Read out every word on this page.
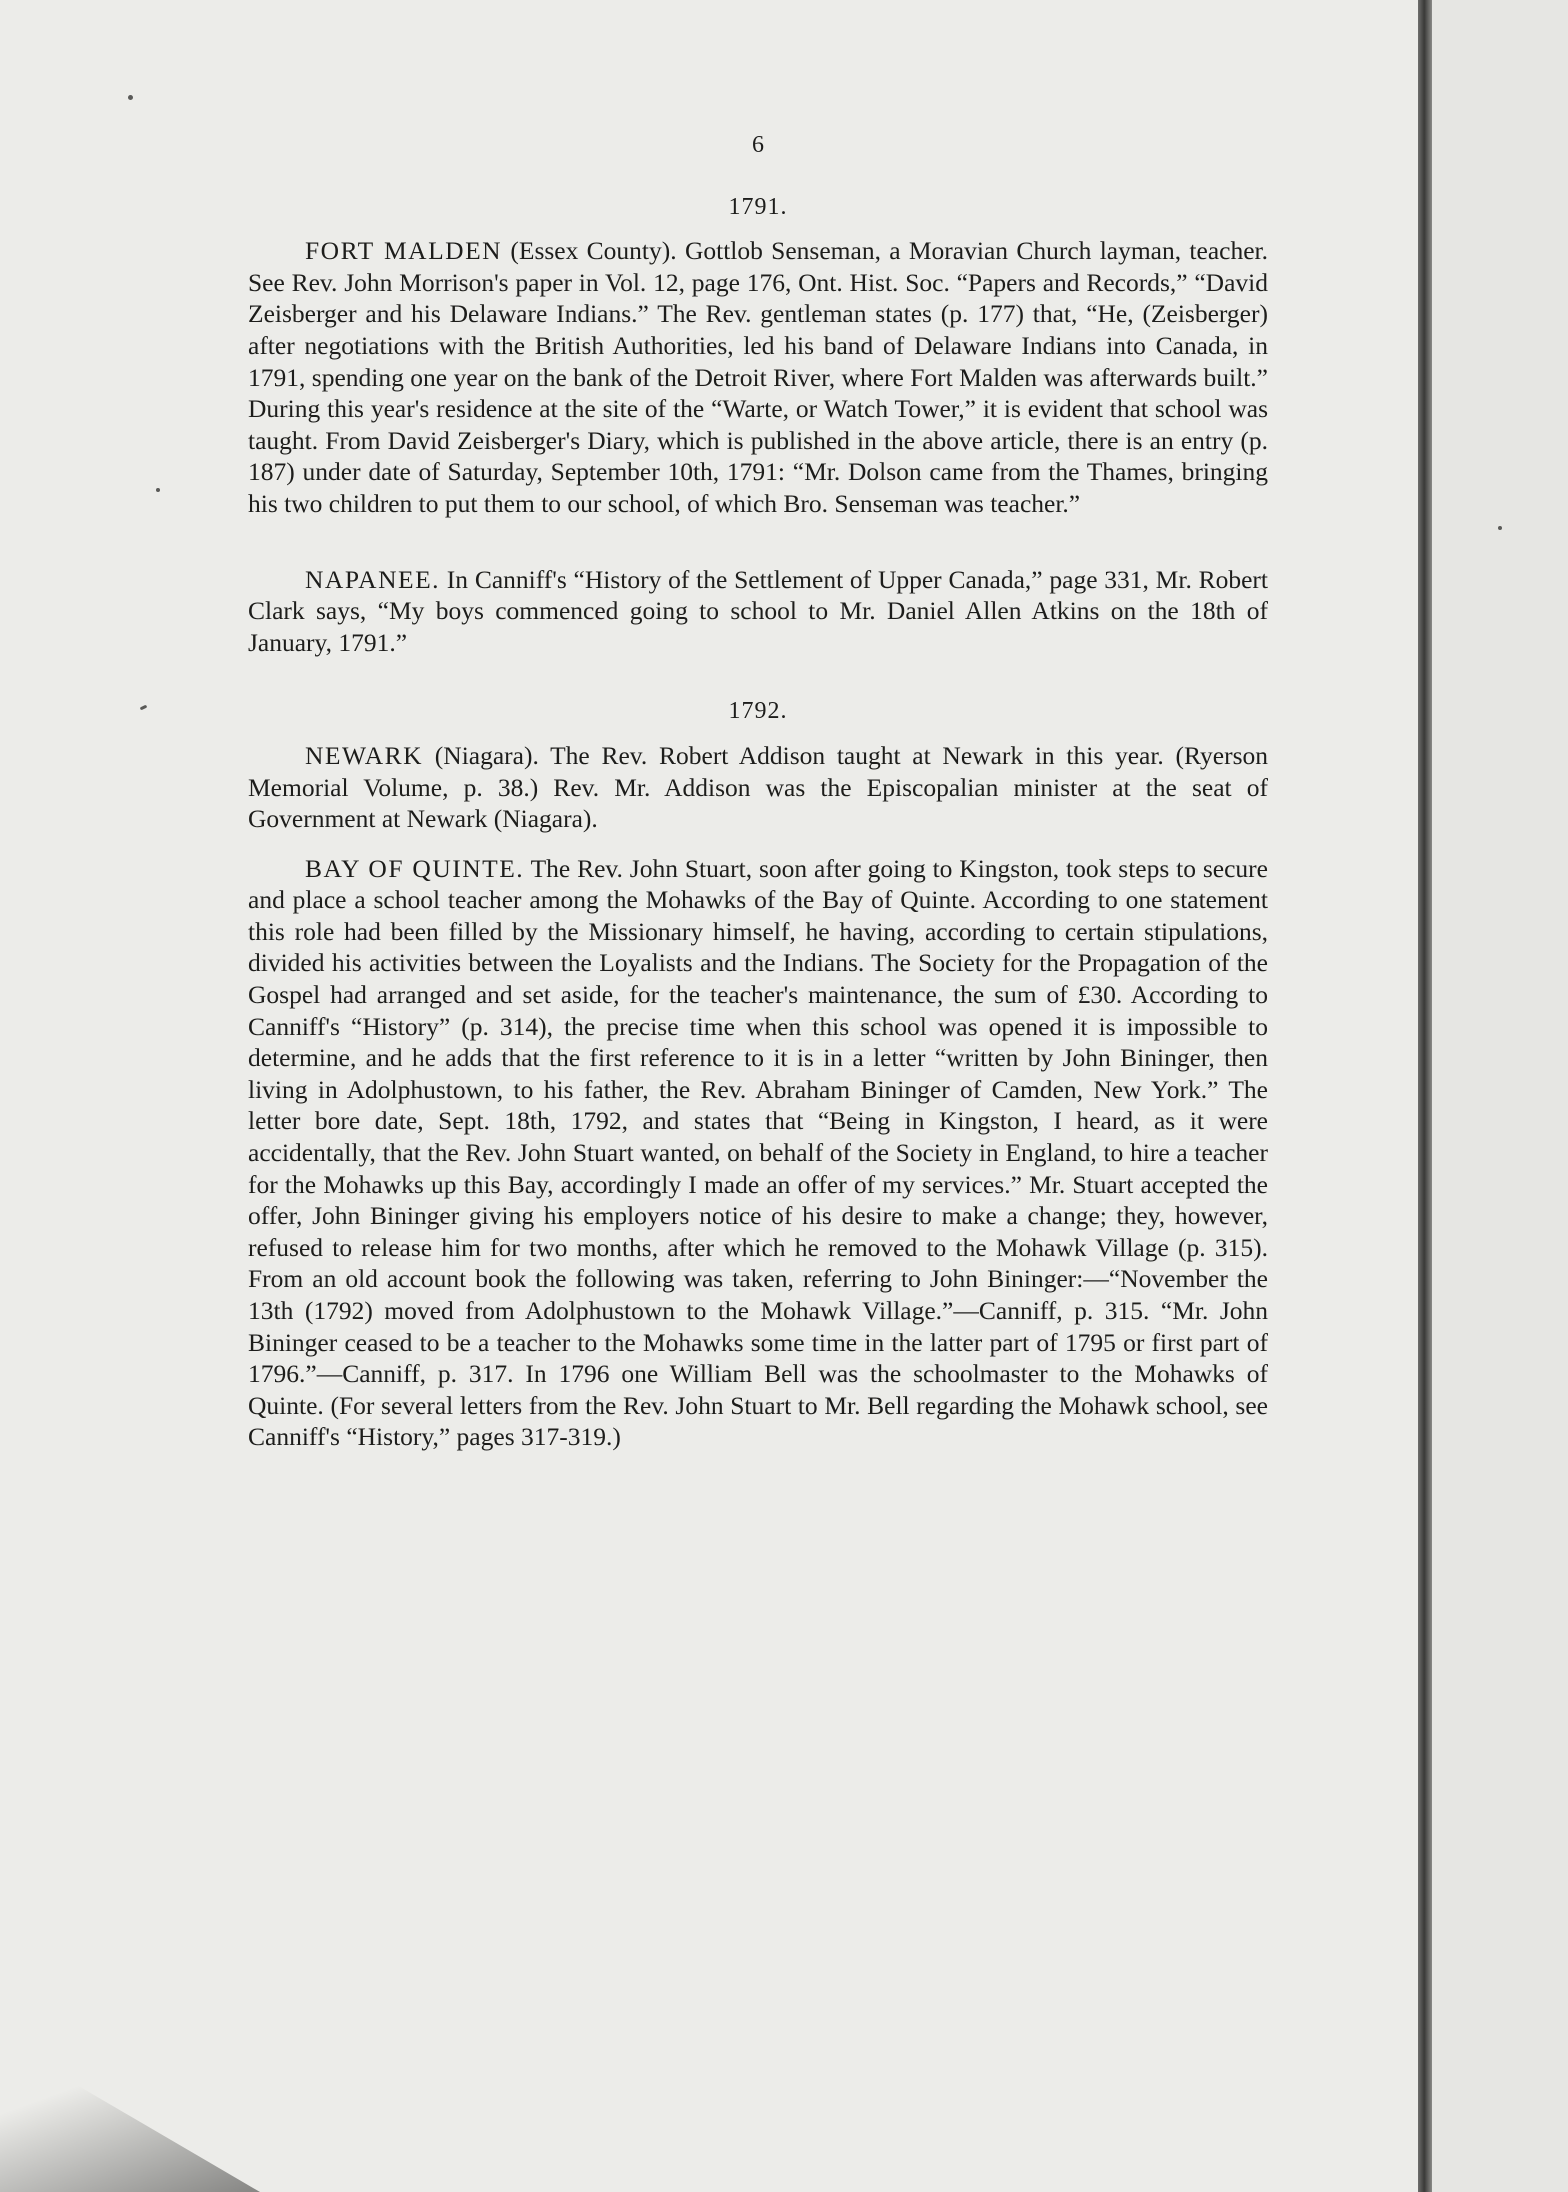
6
1791.

FORT MALDEN (Essex County). Gottlob Senseman, a Moravian Church layman, teacher. See Rev. John Morrison's paper in Vol. 12, page 176, Ont. Hist. Soc. “Papers and Records,” “David Zeisberger and his Delaware Indians.” The Rev. gentleman states (p. 177) that, “He, (Zeisberger) after negotiations with the British Authorities, led his band of Delaware Indians into Canada, in 1791, spending one year on the bank of the Detroit River, where Fort Malden was afterwards built.” During this year's residence at the site of the “Warte, or Watch Tower,” it is evident that school was taught. From David Zeisberger's Diary, which is published in the above article, there is an entry (p. 187) under date of Saturday, September 10th, 1791: “Mr. Dolson came from the Thames, bringing his two children to put them to our school, of which Bro. Senseman was teacher.”

NAPANEE. In Canniff's “History of the Settlement of Upper Canada,” page 331, Mr. Robert Clark says, “My boys commenced going to school to Mr. Daniel Allen Atkins on the 18th of January, 1791.”

1792.

NEWARK (Niagara). The Rev. Robert Addison taught at Newark in this year. (Ryerson Memorial Volume, p. 38.) Rev. Mr. Addison was the Episcopalian minister at the seat of Government at Newark (Niagara).

BAY OF QUINTE. The Rev. John Stuart, soon after going to Kingston, took steps to secure and place a school teacher among the Mohawks of the Bay of Quinte. According to one statement this role had been filled by the Missionary himself, he having, according to certain stipulations, divided his activities between the Loyalists and the Indians. The Society for the Propagation of the Gospel had arranged and set aside, for the teacher's maintenance, the sum of £30. According to Canniff's “History” (p. 314), the precise time when this school was opened it is impossible to determine, and he adds that the first reference to it is in a letter “written by John Bininger, then living in Adolphustown, to his father, the Rev. Abraham Bininger of Camden, New York.” The letter bore date, Sept. 18th, 1792, and states that “Being in Kingston, I heard, as it were accidentally, that the Rev. John Stuart wanted, on behalf of the Society in England, to hire a teacher for the Mohawks up this Bay, accordingly I made an offer of my services.” Mr. Stuart accepted the offer, John Bininger giving his employers notice of his desire to make a change; they, however, refused to release him for two months, after which he removed to the Mohawk Village (p. 315). From an old account book the following was taken, referring to John Bininger:—“November the 13th (1792) moved from Adolphustown to the Mohawk Village.”—Canniff, p. 315. “Mr. John Bininger ceased to be a teacher to the Mohawks some time in the latter part of 1795 or first part of 1796.”—Canniff, p. 317. In 1796 one William Bell was the schoolmaster to the Mohawks of Quinte. (For several letters from the Rev. John Stuart to Mr. Bell regarding the Mohawk school, see Canniff's “History,” pages 317-319.)
